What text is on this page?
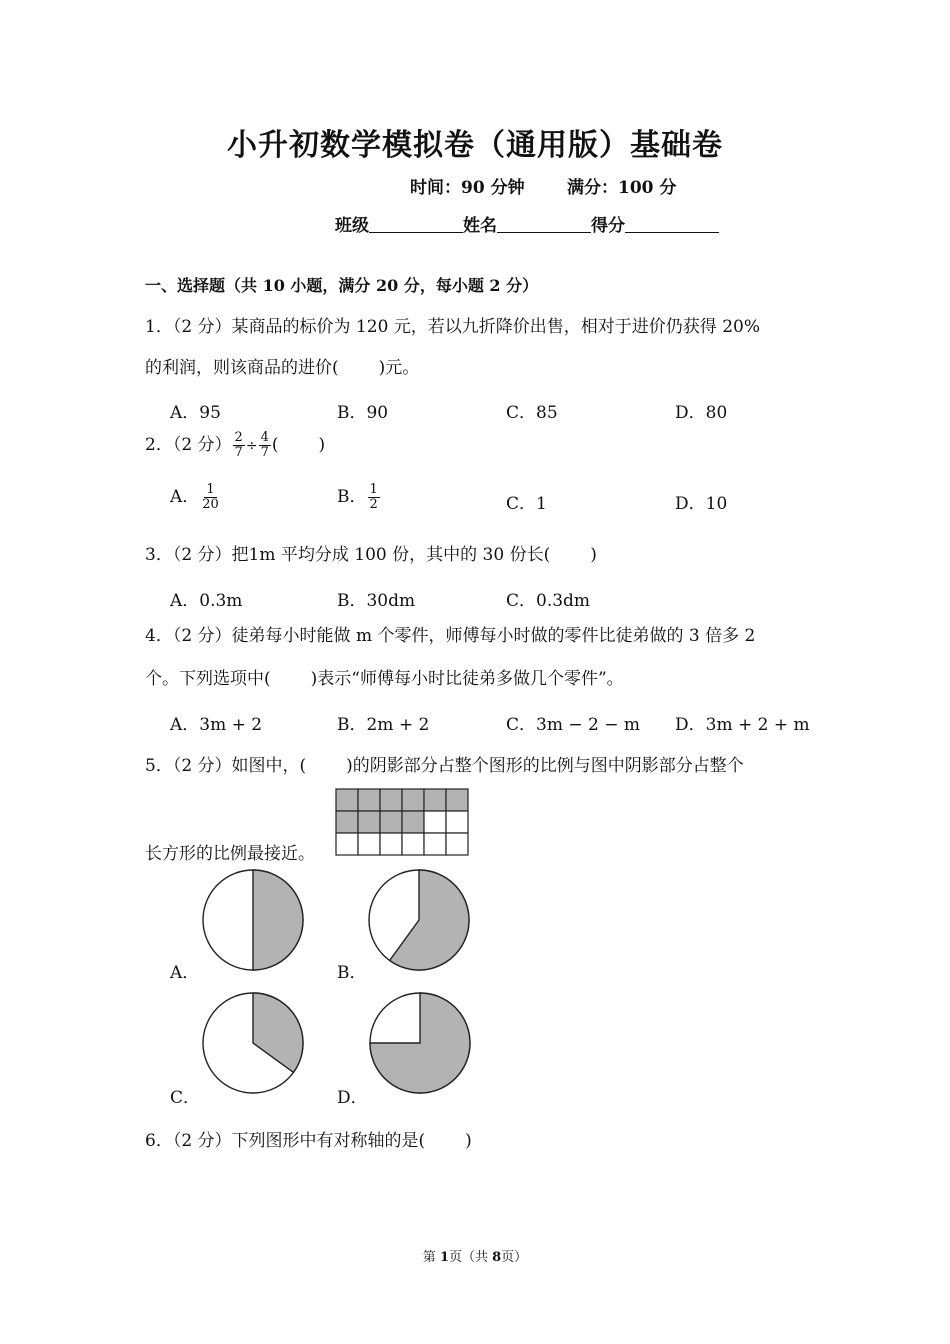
小升初数学模拟卷（通用版）基础卷
时间：90 分钟 满分：100 分
班级	姓名	得分
一、选择题（共 10 小题，满分 20 分，每小题 2 分）
1．（2 分）某商品的标价为 120 元，若以九折降价出售，相对于进价仍获得 20%
的利润，则该商品的进价( )元。
A．95	B．90	C．85	D．80
2．（2 分） $\frac{2}{7} \div \frac{4}{7}$ ( )
A． $\frac{1}{20}$	B． $\frac{1}{2}$	C．1	D．10
3．（2 分）把1m 平均分成 100 份，其中的 30 份长( )
A．0.3m	B．30dm	C．0.3dm
4．（2 分）徒弟每小时能做 m 个零件，师傅每小时做的零件比徒弟做的 3 倍多 2
个。下列选项中( )表示“师傅每小时比徒弟多做几个零件”。
A．3m + 2	B．2m + 2	C．3m − 2 − m D．3m + 2 + m
5．（2 分）如图中，( )的阴影部分占整个图形的比例与图中阴影部分占整个
长方形的比例最接近。
A．	B．
C．	D．
6．（2 分）下列图形中有对称轴的是( )
第 1页（共 8页）
